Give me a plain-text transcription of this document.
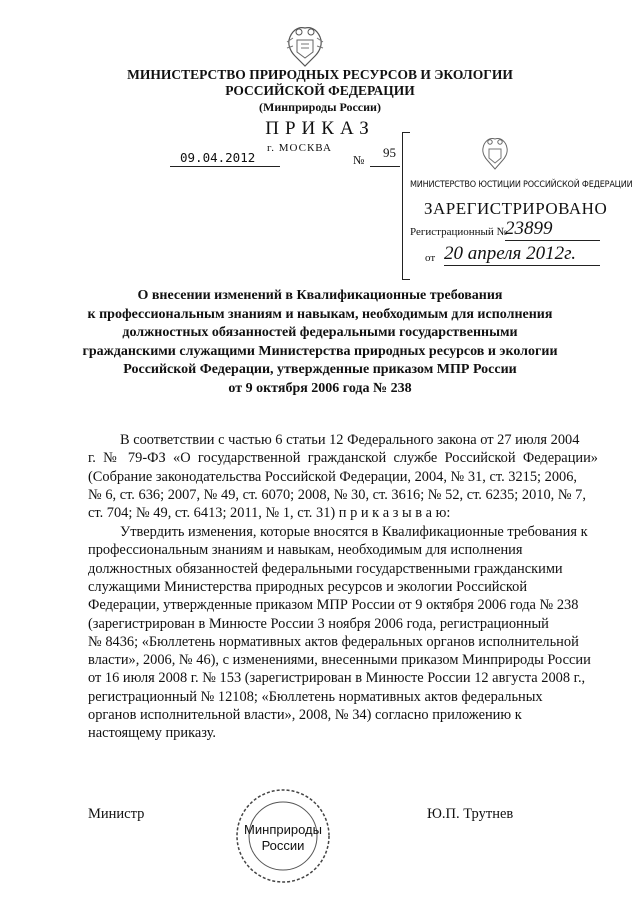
МИНИСТЕРСТВО ПРИРОДНЫХ РЕСУРСОВ И ЭКОЛОГИИ
РОССИЙСКОЙ ФЕДЕРАЦИИ
(Минприроды России)
ПРИКАЗ
г. МОСКВА
09.04.2012	№ 95
МИНИСТЕРСТВО ЮСТИЦИИ РОССИЙСКОЙ ФЕДЕРАЦИИ
ЗАРЕГИСТРИРОВАНО
Регистрационный №
23899
от 20 апреля 2012г.
О внесении изменений в Квалификационные требования
к профессиональным знаниям и навыкам, необходимым для исполнения
должностных обязанностей федеральными государственными
гражданскими служащими Министерства природных ресурсов и экологии
Российской Федерации, утвержденные приказом МПР России
от 9 октября 2006 года № 238
В соответствии с частью 6 статьи 12 Федерального закона от 27 июля 2004
г. № 79-ФЗ «О государственной гражданской службе Российской Федерации»
(Собрание законодательства Российской Федерации, 2004, № 31, ст. 3215; 2006,
№ 6, ст. 636; 2007, № 49, ст. 6070; 2008, № 30, ст. 3616; № 52, ст. 6235; 2010, № 7,
ст. 704; № 49, ст. 6413; 2011, № 1, ст. 31) п р и к а з ы в а ю:
Утвердить изменения, которые вносятся в Квалификационные требования к
профессиональным знаниям и навыкам, необходимым для исполнения
должностных обязанностей федеральными государственными гражданскими
служащими Министерства природных ресурсов и экологии Российской
Федерации, утвержденные приказом МПР России от 9 октября 2006 года № 238
(зарегистрирован в Минюсте России 3 ноября 2006 года, регистрационный
№ 8436; «Бюллетень нормативных актов федеральных органов исполнительной
власти», 2006, № 46), с изменениями, внесенными приказом Минприроды России
от 16 июля 2008 г. № 153 (зарегистрирован в Минюсте России 12 августа 2008 г.,
регистрационный № 12108; «Бюллетень нормативных актов федеральных
органов исполнительной власти», 2008, № 34) согласно приложению к
настоящему приказу.
Министр	Ю.П. Трутнев
Минприроды
России
